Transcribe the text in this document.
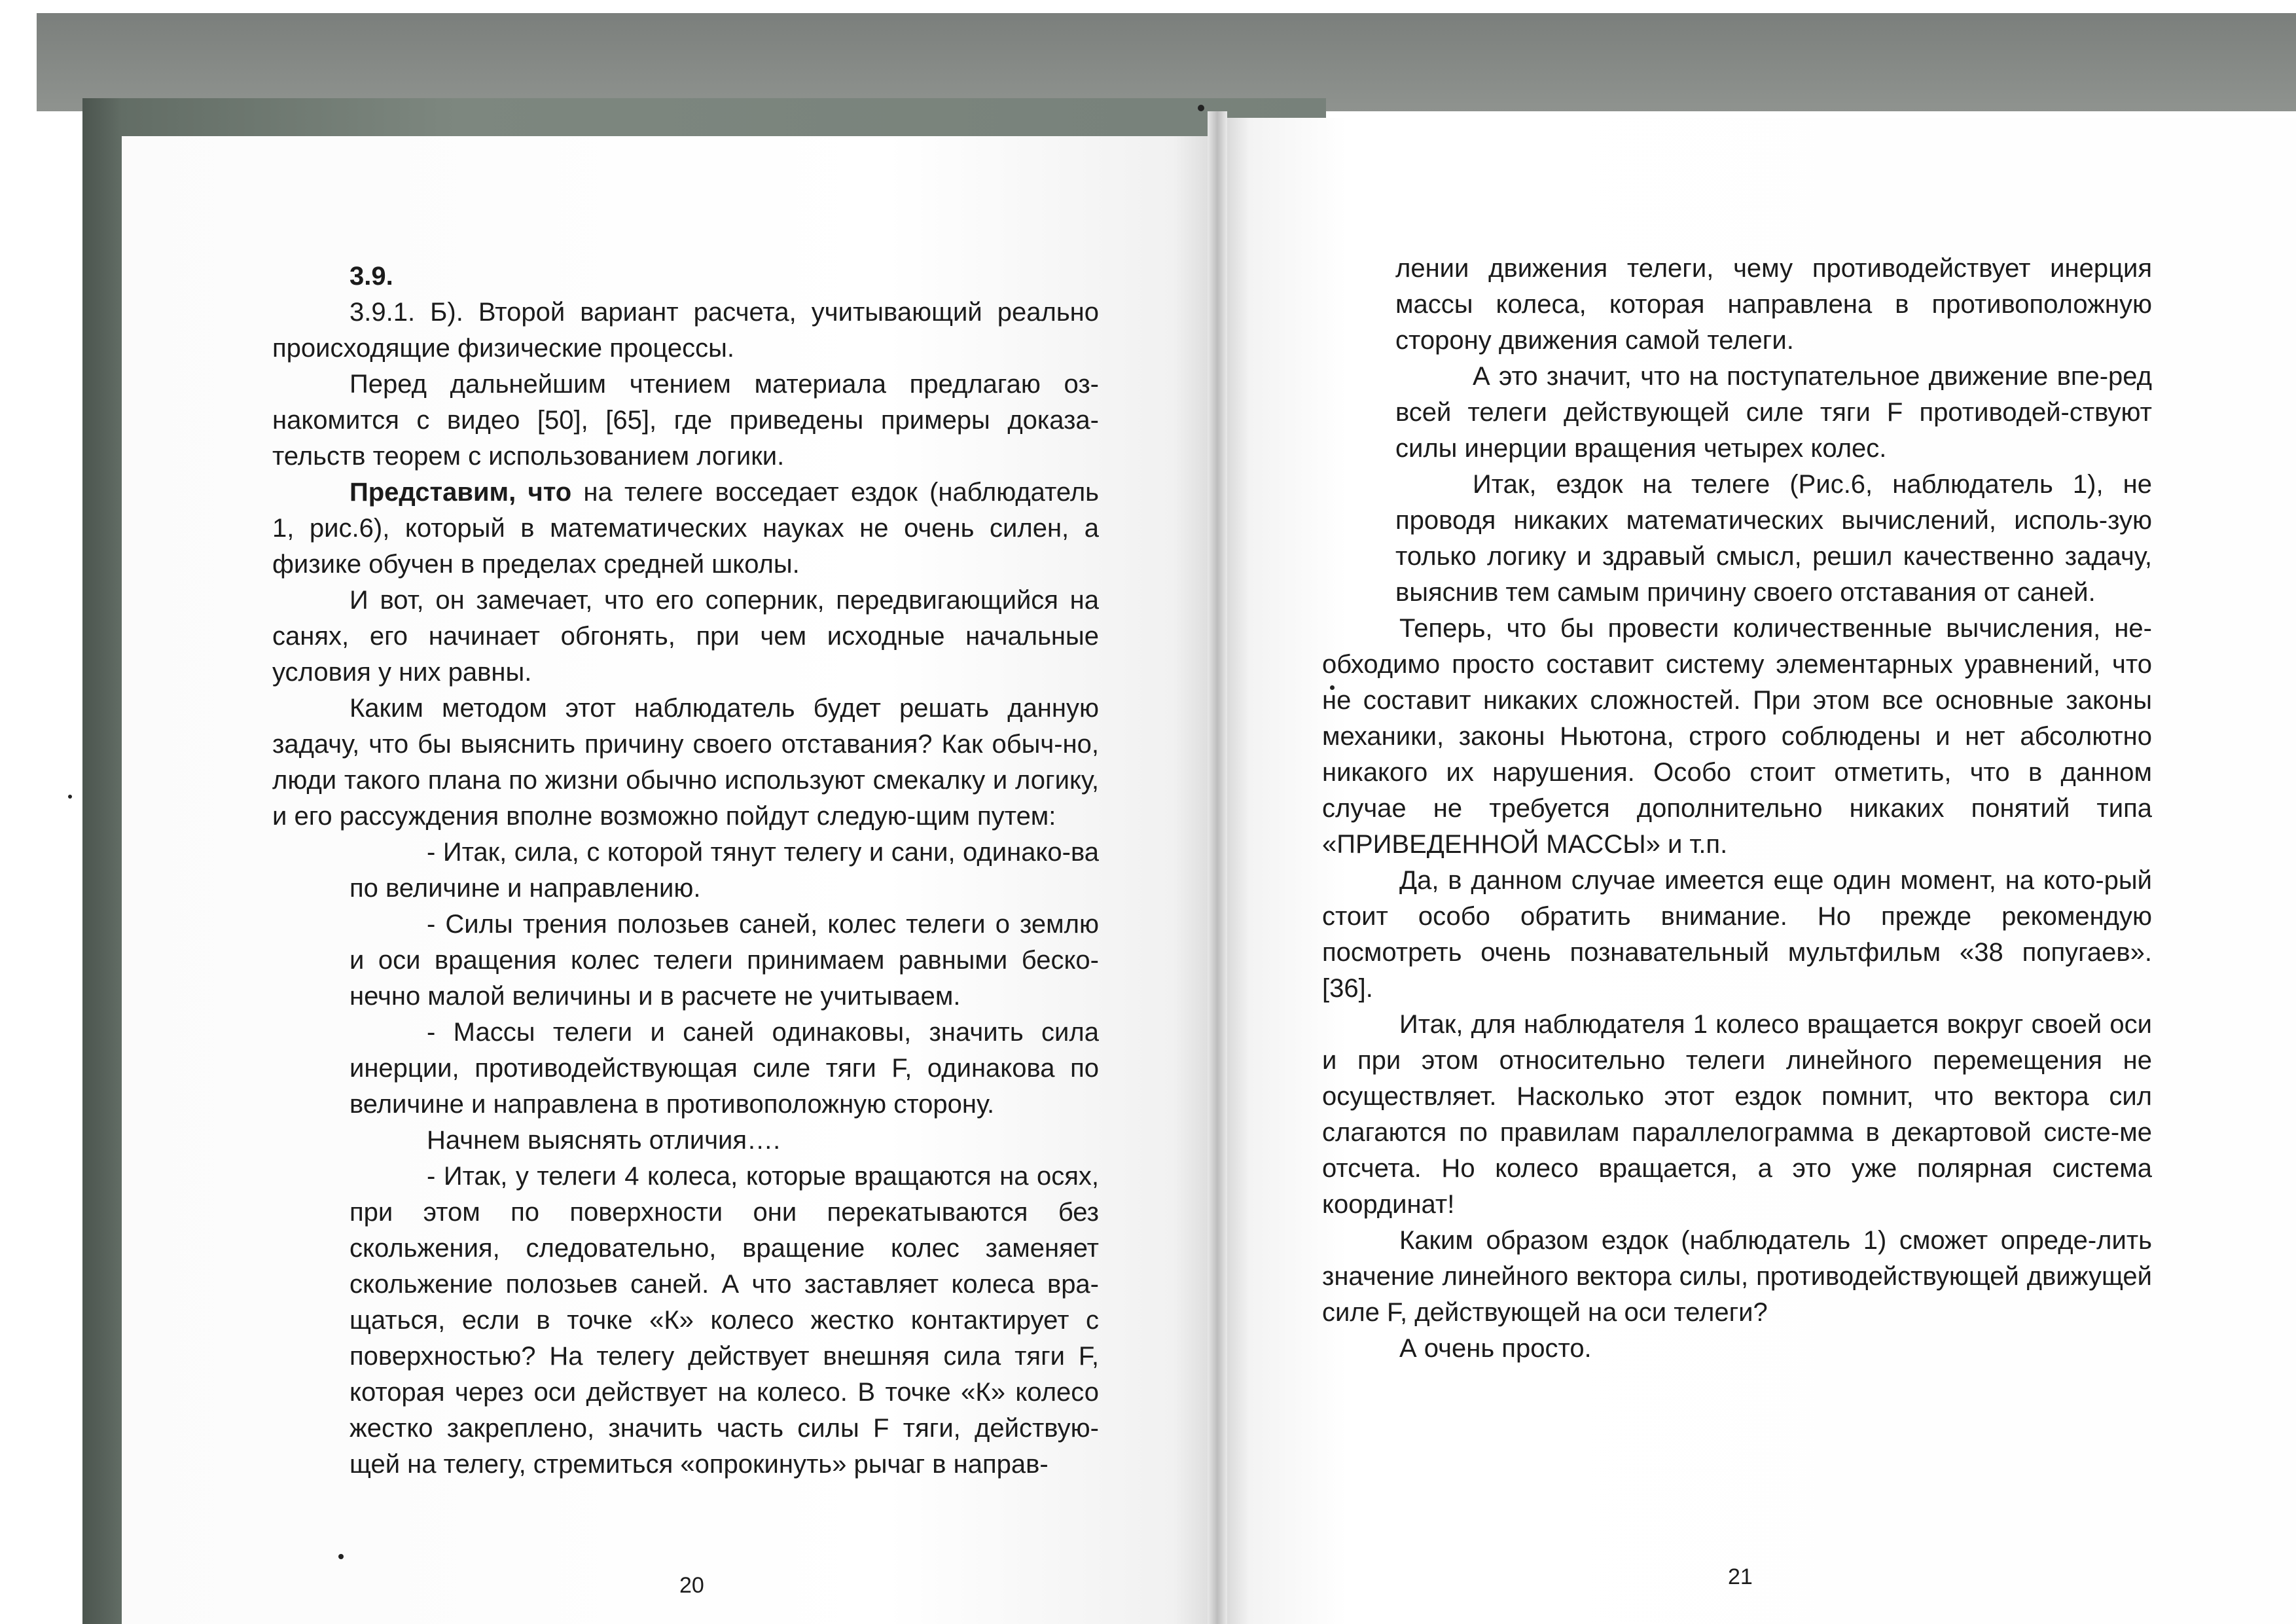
3.9.

3.9.1. Б). Второй вариант расчета, учитывающий реально происходящие физические процессы.

Перед дальнейшим чтением материала предлагаю оз-накомится с видео [50], [65], где приведены примеры доказа-тельств теорем с использованием логики.

Представим, что на телеге восседает ездок (наблюдатель 1, рис.6), который в математических науках не очень силен, а физике обучен в пределах средней школы.

И вот, он замечает, что его соперник, передвигающийся на санях, его начинает обгонять, при чем исходные начальные условия у них равны.

Каким методом этот наблюдатель будет решать данную задачу, что бы выяснить причину своего отставания? Как обыч-но, люди такого плана по жизни обычно используют смекалку и логику, и его рассуждения вполне возможно пойдут следую-щим путем:

- Итак, сила, с которой тянут телегу и сани, одинако-ва по величине и направлению.

- Силы трения полозьев саней, колес телеги о землю и оси вращения колес телеги принимаем равными беско-нечно малой величины и в расчете не учитываем.

- Массы телеги и саней одинаковы, значить сила инерции, противодействующая силе тяги F, одинакова по величине и направлена в противоположную сторону.

Начнем выяснять отличия….

- Итак, у телеги 4 колеса, которые вращаются на осях, при этом по поверхности они перекатываются без скольжения, следовательно, вращение колес заменяет скольжение полозьев саней. А что заставляет колеса вра-щаться, если в точке «К» колесо жестко контактирует с поверхностью? На телегу действует внешняя сила тяги F, которая через оси действует на колесо. В точке «К» колесо жестко закреплено, значить часть силы F тяги, действую-щей на телегу, стремиться «опрокинуть» рычаг в направ-

20

лении движения телеги, чему противодействует инерция массы колеса, которая направлена в противоположную сторону движения самой телеги.

А это значит, что на поступательное движение впе-ред всей телеги действующей силе тяги F противодей-ствуют силы инерции вращения четырех колес.

Итак, ездок на телеге (Рис.6, наблюдатель 1), не проводя никаких математических вычислений, исполь-зую только логику и здравый смысл, решил качественно задачу, выяснив тем самым причину своего отставания от саней.

Теперь, что бы провести количественные вычисления, не-обходимо просто составит систему элементарных уравнений, что не составит никаких сложностей. При этом все основные законы механики, законы Ньютона, строго соблюдены и нет абсолютно никакого их нарушения. Особо стоит отметить, что в данном случае не требуется дополнительно никаких понятий типа «ПРИВЕДЕННОЙ МАССЫ» и т.п.

Да, в данном случае имеется еще один момент, на кото-рый стоит особо обратить внимание. Но прежде рекомендую посмотреть очень познавательный мультфильм «38 попугаев». [36].

Итак, для наблюдателя 1 колесо вращается вокруг своей оси и при этом относительно телеги линейного перемещения не осуществляет. Насколько этот ездок помнит, что вектора сил слагаются по правилам параллелограмма в декартовой систе-ме отсчета. Но колесо вращается, а это уже полярная система координат!

Каким образом ездок (наблюдатель 1) сможет опреде-лить значение линейного вектора силы, противодействующей движущей силе F, действующей на оси телеги?

А очень просто.

21
